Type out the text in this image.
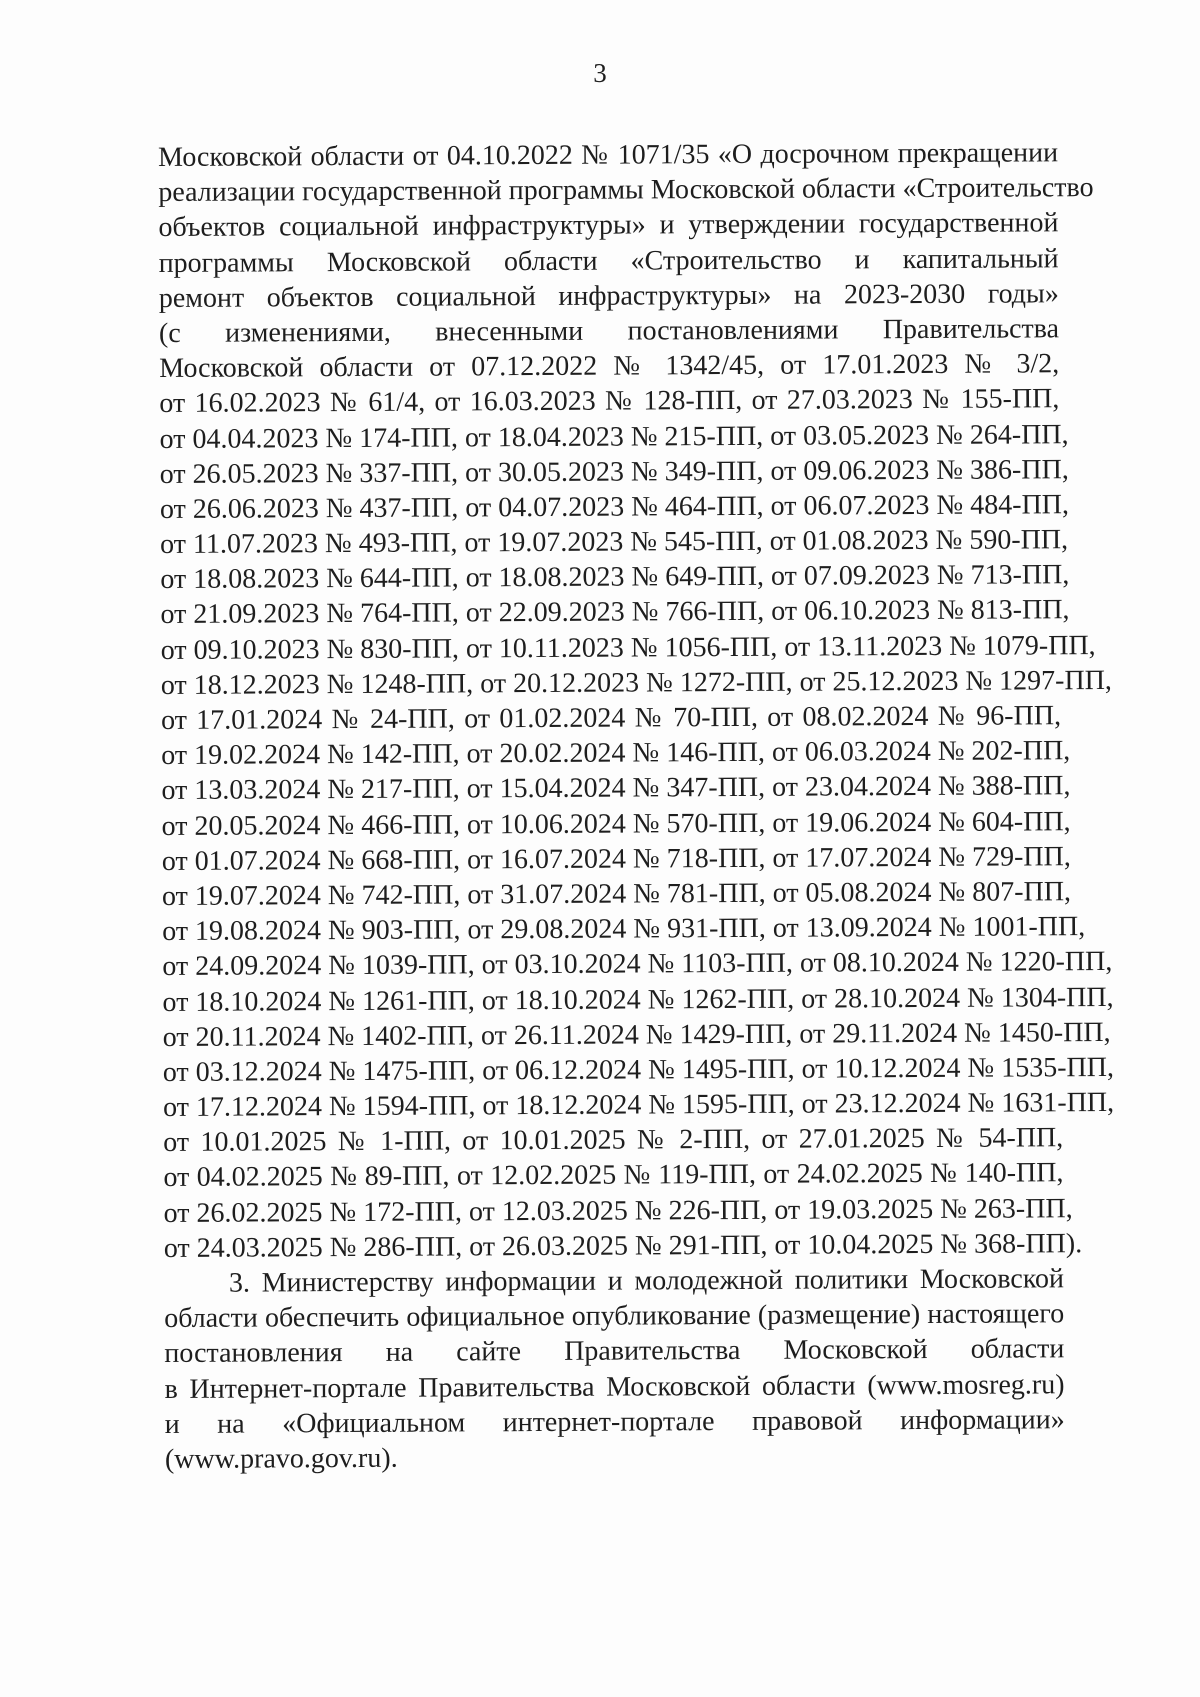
3
Московской области от 04.10.2022 № 1071/35 «О досрочном прекращении
реализации государственной программы Московской области «Строительство
объектов социальной инфраструктуры» и утверждении государственной
программы Московской области «Строительство и капитальный
ремонт объектов социальной инфраструктуры» на 2023-2030 годы»
(с изменениями, внесенными постановлениями Правительства
Московской области от 07.12.2022 № 1342/45, от 17.01.2023 № 3/2,
от 16.02.2023 № 61/4, от 16.03.2023 № 128-ПП, от 27.03.2023 № 155-ПП,
от 04.04.2023 № 174-ПП, от 18.04.2023 № 215-ПП, от 03.05.2023 № 264-ПП,
от 26.05.2023 № 337-ПП, от 30.05.2023 № 349-ПП, от 09.06.2023 № 386-ПП,
от 26.06.2023 № 437-ПП, от 04.07.2023 № 464-ПП, от 06.07.2023 № 484-ПП,
от 11.07.2023 № 493-ПП, от 19.07.2023 № 545-ПП, от 01.08.2023 № 590-ПП,
от 18.08.2023 № 644-ПП, от 18.08.2023 № 649-ПП, от 07.09.2023 № 713-ПП,
от 21.09.2023 № 764-ПП, от 22.09.2023 № 766-ПП, от 06.10.2023 № 813-ПП,
от 09.10.2023 № 830-ПП, от 10.11.2023 № 1056-ПП, от 13.11.2023 № 1079-ПП,
от 18.12.2023 № 1248-ПП, от 20.12.2023 № 1272-ПП, от 25.12.2023 № 1297-ПП,
от 17.01.2024 № 24-ПП, от 01.02.2024 № 70-ПП, от 08.02.2024 № 96-ПП,
от 19.02.2024 № 142-ПП, от 20.02.2024 № 146-ПП, от 06.03.2024 № 202-ПП,
от 13.03.2024 № 217-ПП, от 15.04.2024 № 347-ПП, от 23.04.2024 № 388-ПП,
от 20.05.2024 № 466-ПП, от 10.06.2024 № 570-ПП, от 19.06.2024 № 604-ПП,
от 01.07.2024 № 668-ПП, от 16.07.2024 № 718-ПП, от 17.07.2024 № 729-ПП,
от 19.07.2024 № 742-ПП, от 31.07.2024 № 781-ПП, от 05.08.2024 № 807-ПП,
от 19.08.2024 № 903-ПП, от 29.08.2024 № 931-ПП, от 13.09.2024 № 1001-ПП,
от 24.09.2024 № 1039-ПП, от 03.10.2024 № 1103-ПП, от 08.10.2024 № 1220-ПП,
от 18.10.2024 № 1261-ПП, от 18.10.2024 № 1262-ПП, от 28.10.2024 № 1304-ПП,
от 20.11.2024 № 1402-ПП, от 26.11.2024 № 1429-ПП, от 29.11.2024 № 1450-ПП,
от 03.12.2024 № 1475-ПП, от 06.12.2024 № 1495-ПП, от 10.12.2024 № 1535-ПП,
от 17.12.2024 № 1594-ПП, от 18.12.2024 № 1595-ПП, от 23.12.2024 № 1631-ПП,
от 10.01.2025 № 1-ПП, от 10.01.2025 № 2-ПП, от 27.01.2025 № 54-ПП,
от 04.02.2025 № 89-ПП, от 12.02.2025 № 119-ПП, от 24.02.2025 № 140-ПП,
от 26.02.2025 № 172-ПП, от 12.03.2025 № 226-ПП, от 19.03.2025 № 263-ПП,
от 24.03.2025 № 286-ПП, от 26.03.2025 № 291-ПП, от 10.04.2025 № 368-ПП).
3. Министерству информации и молодежной политики Московской
области обеспечить официальное опубликование (размещение) настоящего
постановления на сайте Правительства Московской области
в Интернет-портале Правительства Московской области (www.mosreg.ru)
и на «Официальном интернет-портале правовой информации»
(www.pravo.gov.ru).
